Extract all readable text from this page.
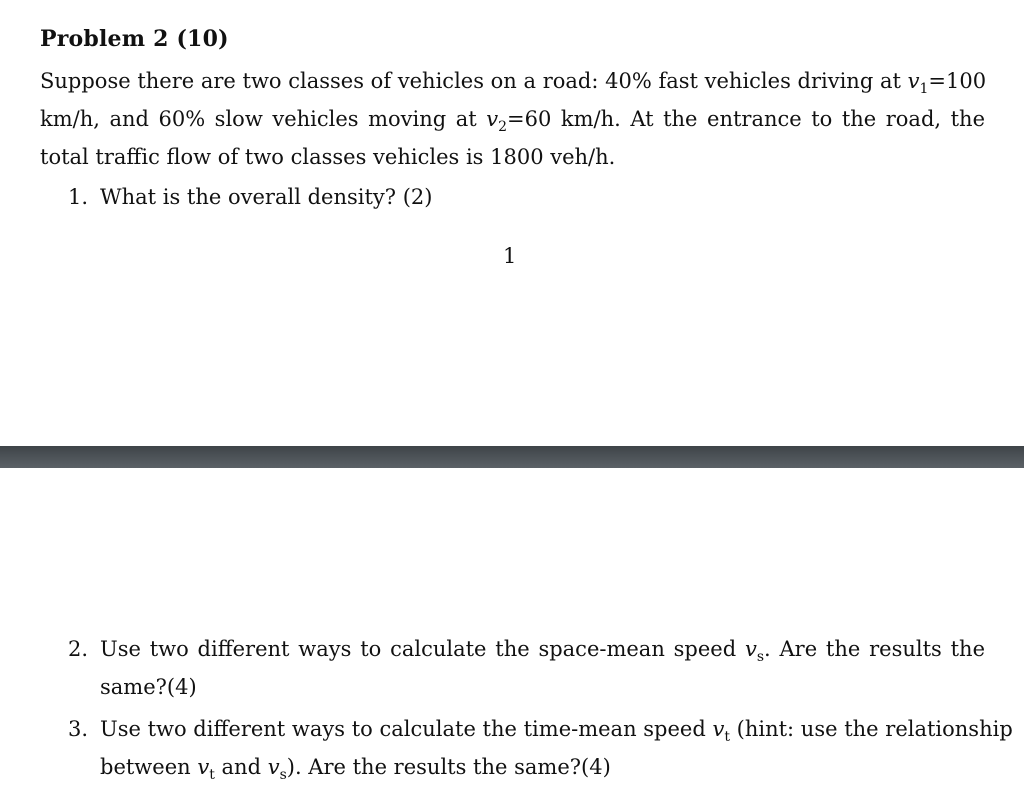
Problem 2 (10)
Suppose there are two classes of vehicles on a road: 40% fast vehicles driving at $v_1=100$
km/h, and 60% slow vehicles moving at $v_2=60$ km/h. At the entrance to the road, the
total traffic flow of two classes vehicles is 1800 veh/h.
1. What is the overall density? (2)
1
2. Use two different ways to calculate the space-mean speed $v_s$. Are the results the
same?(4)
3. Use two different ways to calculate the time-mean speed $v_t$ (hint: use the relationship
between $v_t$ and $v_s$). Are the results the same?(4)
